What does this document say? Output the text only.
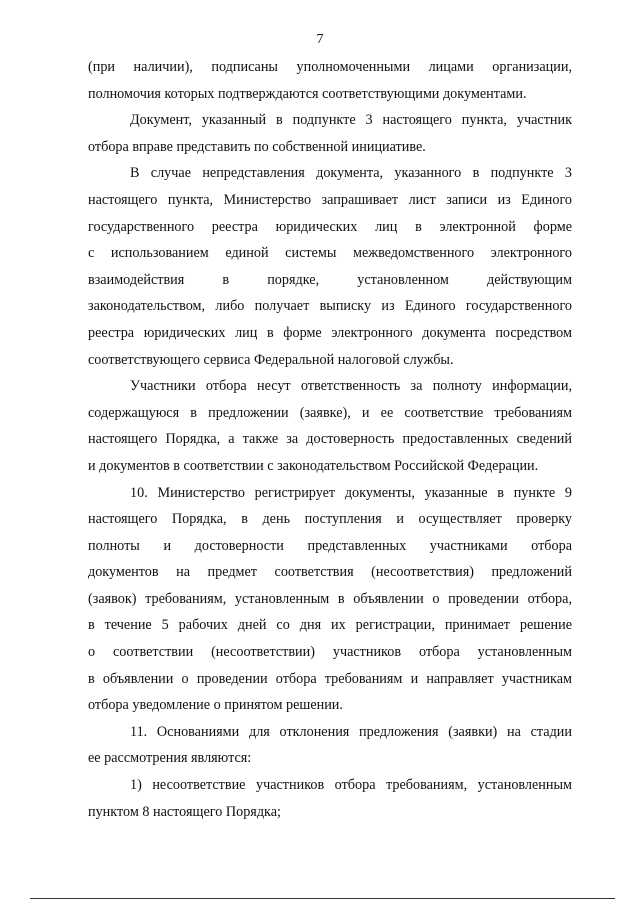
7

(при наличии), подписаны уполномоченными лицами организации,
полномочия которых подтверждаются соответствующими документами.

Документ, указанный в подпункте 3 настоящего пункта, участник
отбора вправе представить по собственной инициативе.

В случае непредставления документа, указанного в подпункте 3
настоящего пункта, Министерство запрашивает лист записи из Единого
государственного реестра юридических лиц в электронной форме
с использованием единой системы межведомственного электронного
взаимодействия в порядке, установленном действующим
законодательством, либо получает выписку из Единого государственного
реестра юридических лиц в форме электронного документа посредством
соответствующего сервиса Федеральной налоговой службы.

Участники отбора несут ответственность за полноту информации,
содержащуюся в предложении (заявке), и ее соответствие требованиям
настоящего Порядка, а также за достоверность предоставленных сведений
и документов в соответствии с законодательством Российской Федерации.

10. Министерство регистрирует документы, указанные в пункте 9
настоящего Порядка, в день поступления и осуществляет проверку
полноты и достоверности представленных участниками отбора
документов на предмет соответствия (несоответствия) предложений
(заявок) требованиям, установленным в объявлении о проведении отбора,
в течение 5 рабочих дней со дня их регистрации, принимает решение
о соответствии (несоответствии) участников отбора установленным
в объявлении о проведении отбора требованиям и направляет участникам
отбора уведомление о принятом решении.

11. Основаниями для отклонения предложения (заявки) на стадии
ее рассмотрения являются:

1) несоответствие участников отбора требованиям, установленным
пунктом 8 настоящего Порядка;
